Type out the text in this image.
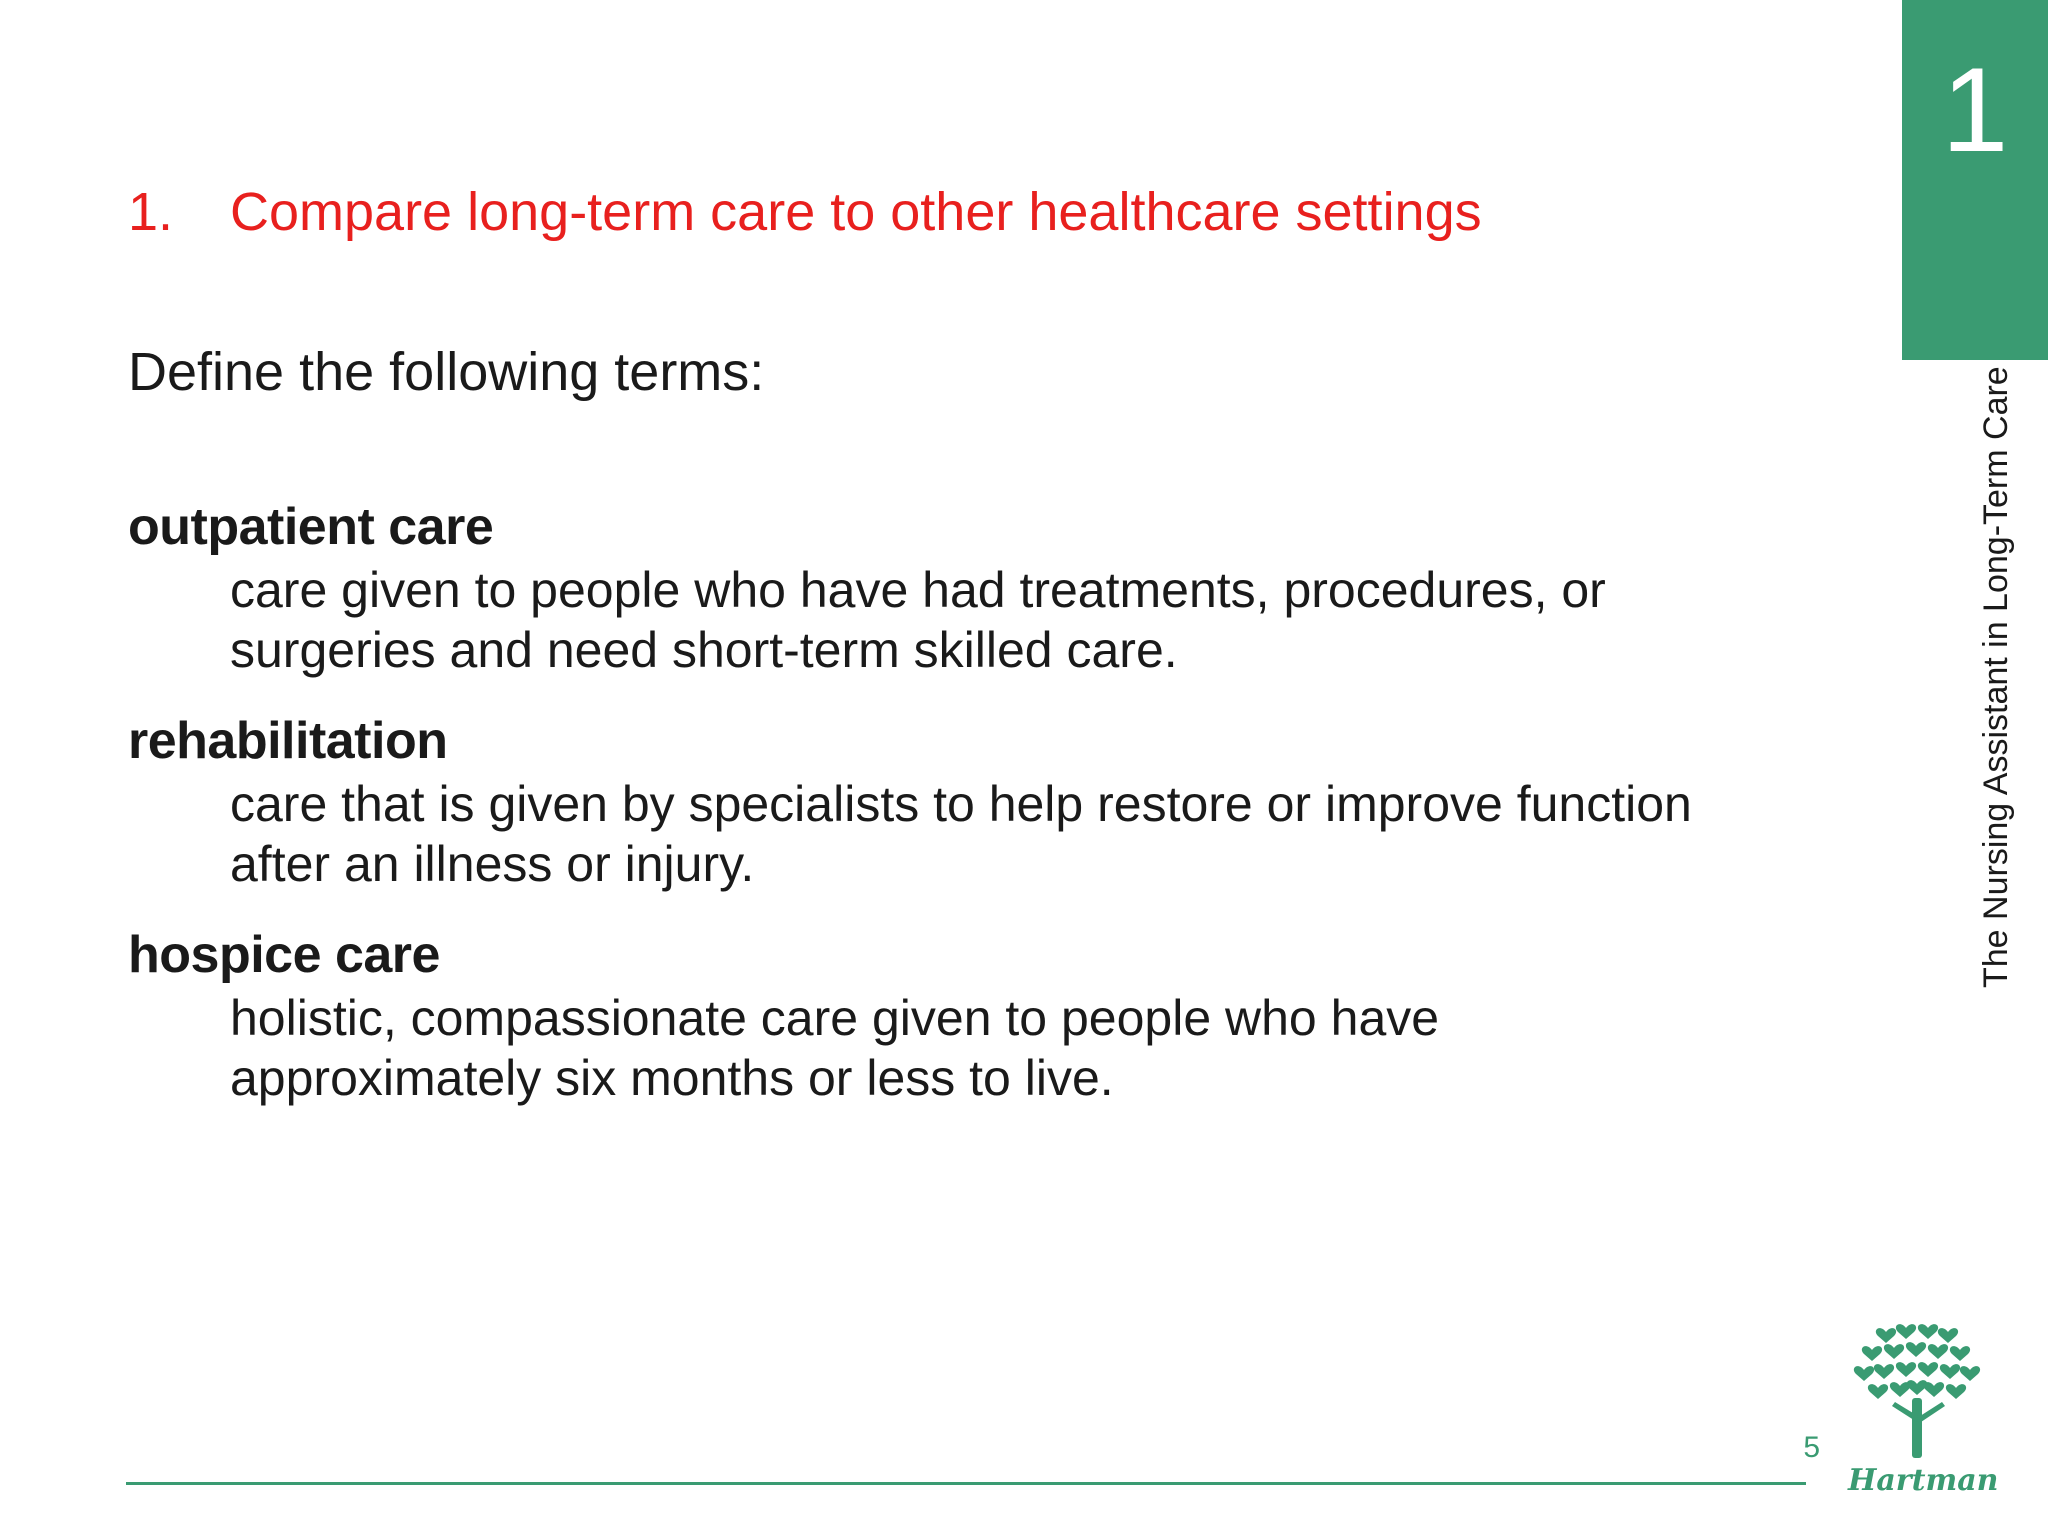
1
The Nursing Assistant in Long-Term Care
1. Compare long-term care to other healthcare settings
Define the following terms:
outpatient care
care given to people who have had treatments, procedures, or
surgeries and need short-term skilled care.
rehabilitation
care that is given by specialists to help restore or improve function
after an illness or injury.
hospice care
holistic, compassionate care given to people who have
approximately six months or less to live.
5
Hartman
